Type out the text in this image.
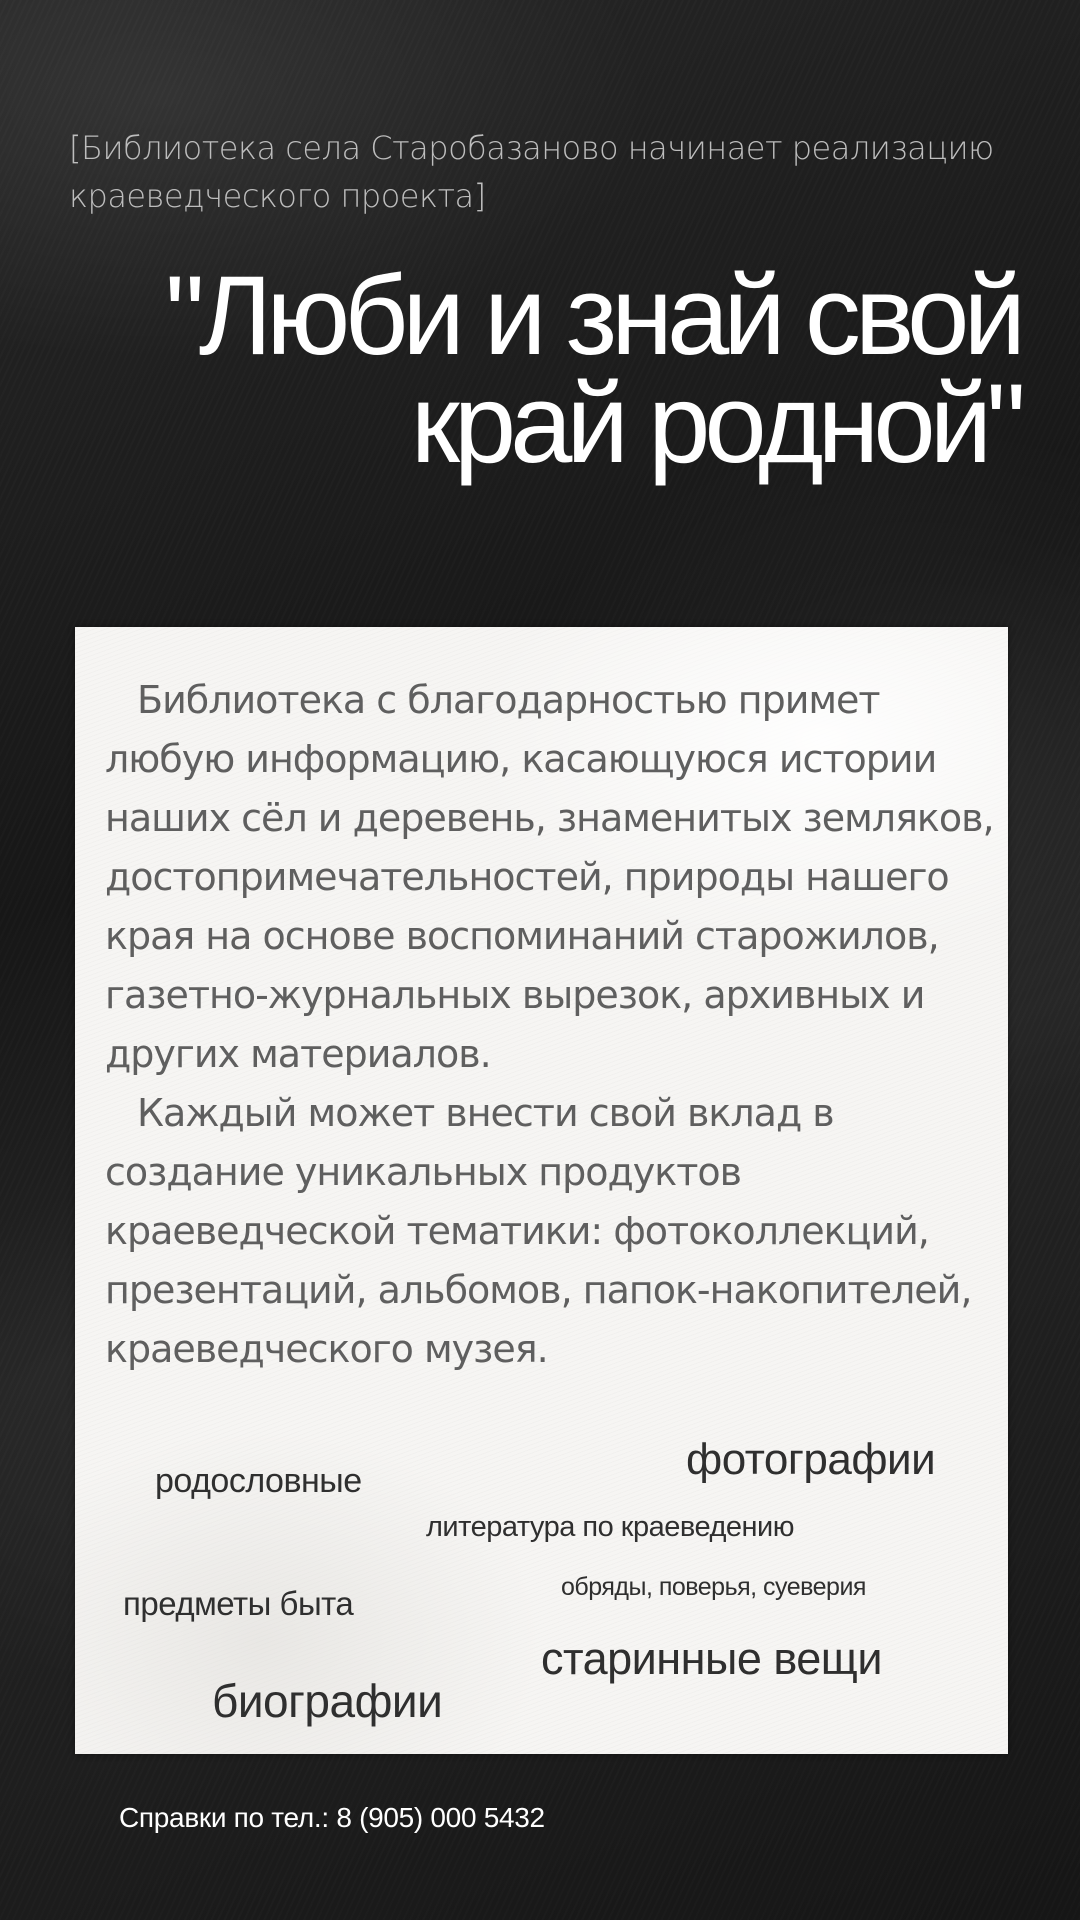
[Библиотека села Старобазаново начинает реализацию краеведческого проекта]
"Люби и знай свой
край родной"

Библиотека с благодарностью примет любую информацию, касающуюся истории наших сёл и деревень, знаменитых земляков, достопримечательностей, природы нашего края на основе воспоминаний старожилов, газетно-журнальных вырезок, архивных и других материалов.

Каждый может внести свой вклад в создание уникальных продуктов краеведческой тематики: фотоколлекций, презентаций, альбомов, папок-накопителей, краеведческого музея.

фотографии
родословные
литература по краеведению
обряды, поверья, суеверия
предметы быта
старинные вещи
биографии
Справки по тел.: 8 (905) 000 5432
